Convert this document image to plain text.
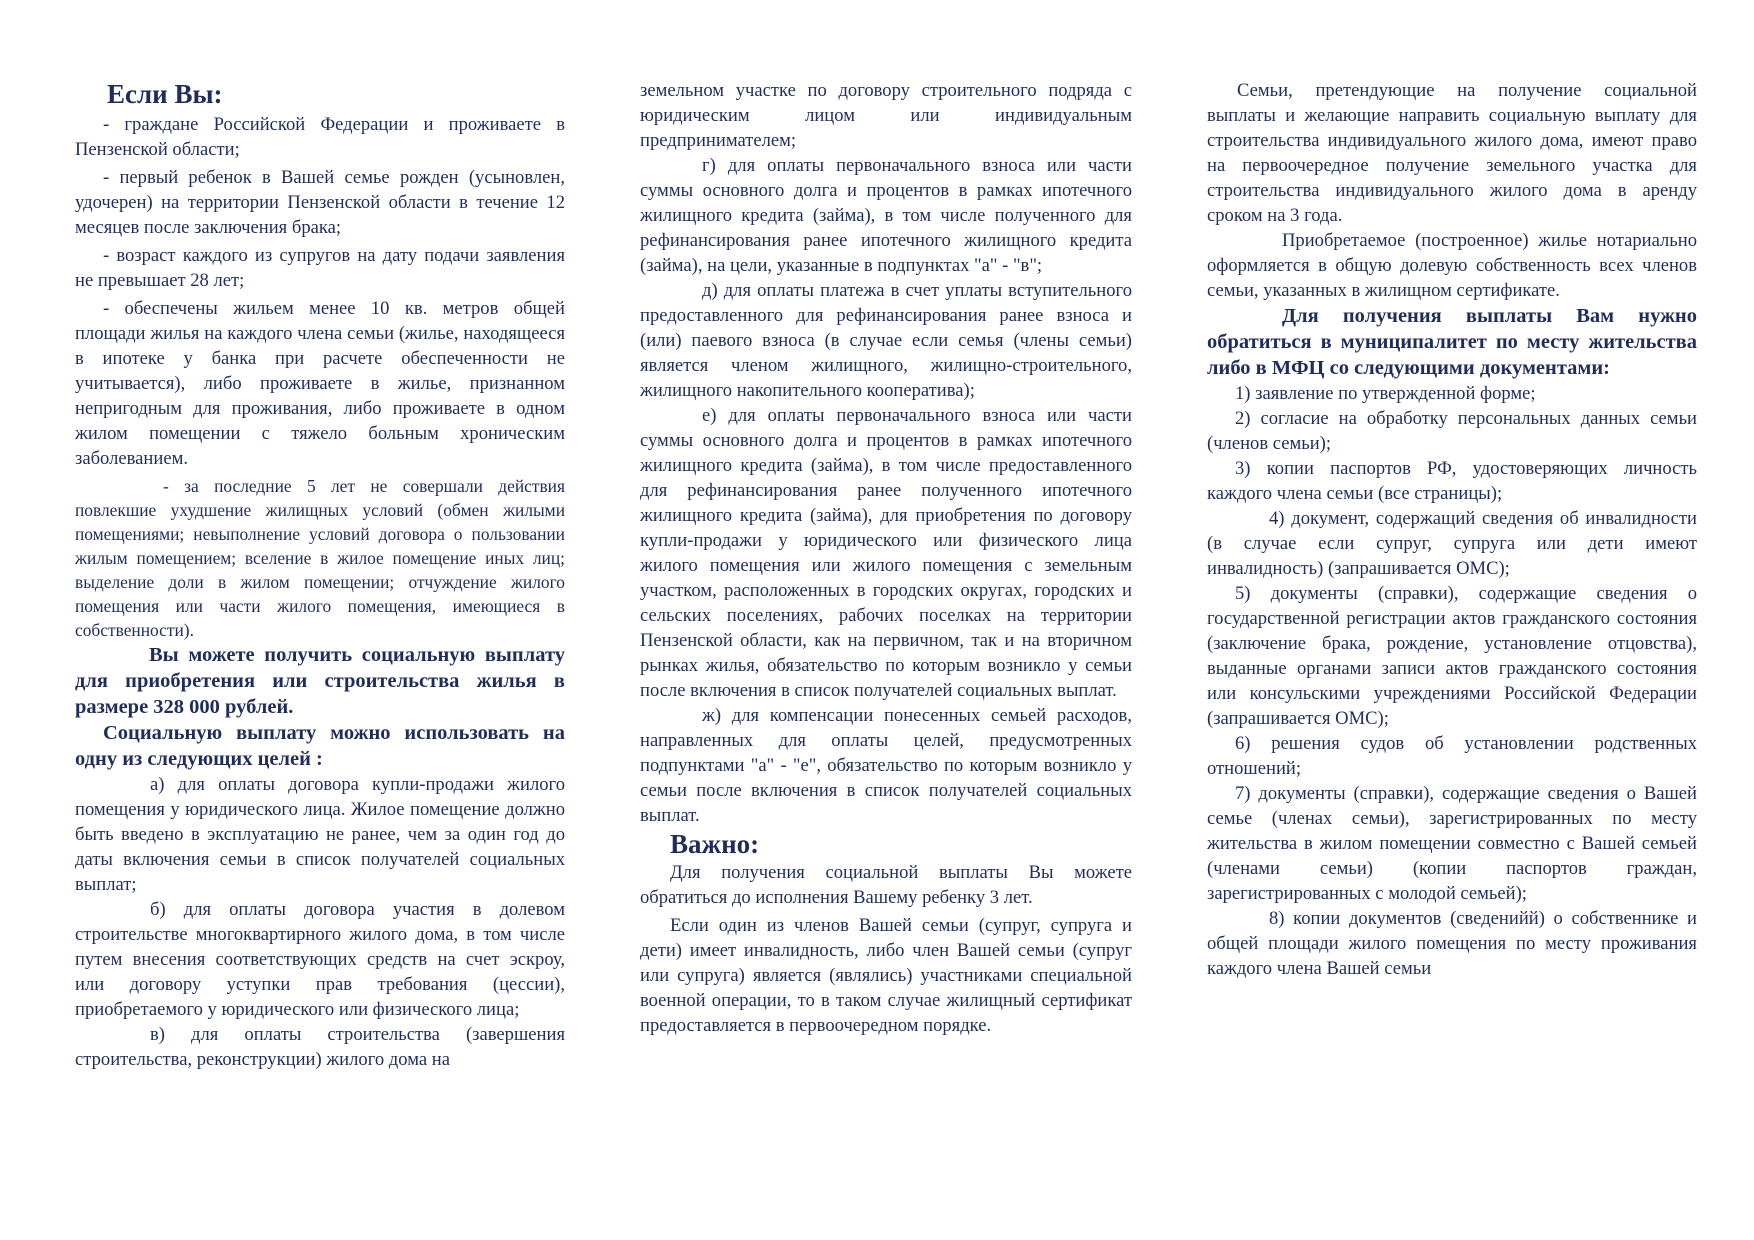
Если Вы:

- граждане Российской Федерации и проживаете в Пензенской области;

- первый ребенок в Вашей семье рожден (усыновлен, удочерен) на территории Пензенской области в течение 12 месяцев после заключения брака;

- возраст каждого из супругов на дату подачи заявления не превышает 28 лет;

- обеспечены жильем менее 10 кв. метров общей площади жилья на каждого члена семьи (жилье, находящееся в ипотеке у банка при расчете обеспеченности не учитывается), либо проживаете в жилье, признанном непригодным для проживания, либо проживаете в одном жилом помещении с тяжело больным хроническим заболеванием.

- за последние 5 лет не совершали действия повлекшие ухудшение жилищных условий (обмен жилыми помещениями; невыполнение условий договора о пользовании жилым помещением; вселение в жилое помещение иных лиц; выделение доли в жилом помещении; отчуждение жилого помещения или части жилого помещения, имеющиеся в собственности).

Вы можете получить социальную выплату для приобретения или строительства жилья в размере 328 000 рублей.

Социальную выплату можно использовать на одну из следующих целей :

а) для оплаты договора купли-продажи жилого помещения у юридического лица. Жилое помещение должно быть введено в эксплуатацию не ранее, чем за один год до даты включения семьи в список получателей социальных выплат;

б) для оплаты договора участия в долевом строительстве многоквартирного жилого дома, в том числе путем внесения соответствующих средств на счет эскроу, или договору уступки прав требования (цессии), приобретаемого у юридического или физического лица;

в) для оплаты строительства (завершения строительства, реконструкции) жилого дома на

земельном участке по договору строительного подряда с юридическим лицом или индивидуальным предпринимателем;

г) для оплаты первоначального взноса или части суммы основного долга и процентов в рамках ипотечного жилищного кредита (займа), в том числе полученного для рефинансирования ранее ипотечного жилищного кредита (займа), на цели, указанные в подпунктах "а" - "в";

д) для оплаты платежа в счет уплаты вступительного предоставленного для рефинансирования ранее взноса и (или) паевого взноса (в случае если семья (члены семьи) является членом жилищного, жилищно-строительного, жилищного накопительного кооператива);

е) для оплаты первоначального взноса или части суммы основного долга и процентов в рамках ипотечного жилищного кредита (займа), в том числе предоставленного для рефинансирования ранее полученного ипотечного жилищного кредита (займа), для приобретения по договору купли-продажи у юридического или физического лица жилого помещения или жилого помещения с земельным участком, расположенных в городских округах, городских и сельских поселениях, рабочих поселках на территории Пензенской области, как на первичном, так и на вторичном рынках жилья, обязательство по которым возникло у семьи после включения в список получателей социальных выплат.

ж) для компенсации понесенных семьей расходов, направленных для оплаты целей, предусмотренных подпунктами "а" - "е", обязательство по которым возникло у семьи после включения в список получателей социальных выплат.

Важно:

Для получения социальной выплаты Вы можете обратиться до исполнения Вашему ребенку 3 лет.

Если один из членов Вашей семьи (супруг, супруга и дети) имеет инвалидность, либо член Вашей семьи (супруг или супруга) является (являлись) участниками специальной военной операции, то в таком случае жилищный сертификат предоставляется в первоочередном порядке.

Семьи, претендующие на получение социальной выплаты и желающие направить социальную выплату для строительства индивидуального жилого дома, имеют право на первоочередное получение земельного участка для строительства индивидуального жилого дома в аренду сроком на 3 года.

Приобретаемое (построенное) жилье нотариально оформляется в общую долевую собственность всех членов семьи, указанных в жилищном сертификате.

Для получения выплаты Вам нужно обратиться в муниципалитет по месту жительства либо в МФЦ со следующими документами:

1) заявление по утвержденной форме;

2) согласие на обработку персональных данных семьи (членов семьи);

3) копии паспортов РФ, удостоверяющих личность каждого члена семьи (все страницы);

4) документ, содержащий сведения об инвалидности (в случае если супруг, супруга или дети имеют инвалидность) (запрашивается ОМС);

5) документы (справки), содержащие сведения о государственной регистрации актов гражданского состояния (заключение брака, рождение, установление отцовства), выданные органами записи актов гражданского состояния или консульскими учреждениями Российской Федерации (запрашивается ОМС);

6) решения судов об установлении родственных отношений;

7) документы (справки), содержащие сведения о Вашей семье (членах семьи), зарегистрированных по месту жительства в жилом помещении совместно с Вашей семьей (членами семьи) (копии паспортов граждан, зарегистрированных с молодой семьей);

8) копии документов (сведенийй) о собственнике и общей площади жилого помещения по месту проживания каждого члена Вашей семьи
